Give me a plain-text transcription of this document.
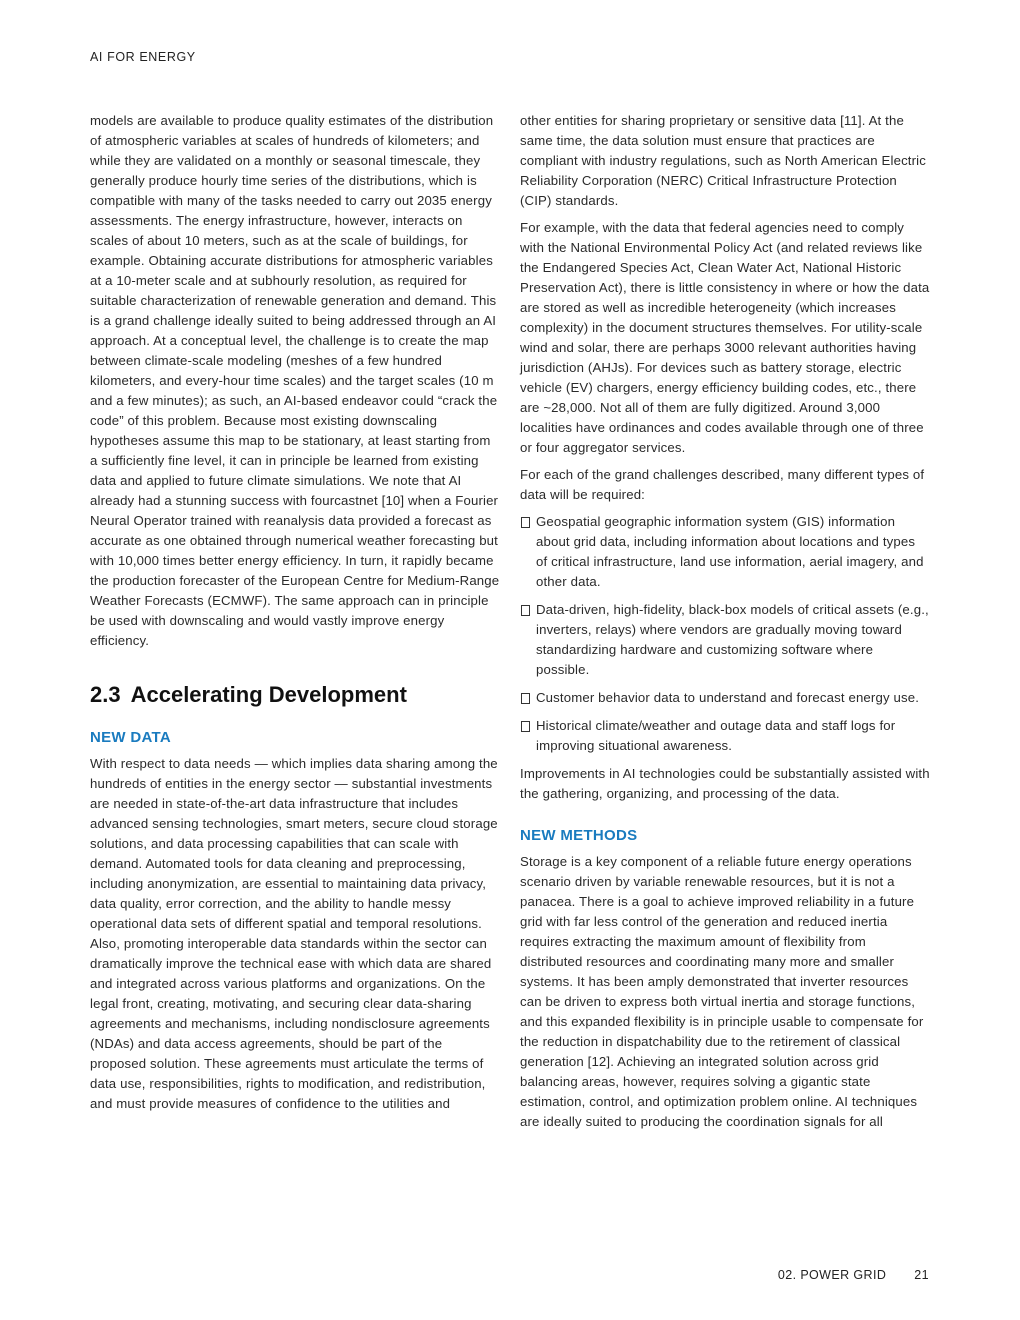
AI FOR ENERGY

models are available to produce quality estimates of the distribution of atmospheric variables at scales of hundreds of kilometers; and while they are validated on a monthly or seasonal timescale, they generally produce hourly time series of the distributions, which is compatible with many of the tasks needed to carry out 2035 energy assessments. The energy infrastructure, however, interacts on scales of about 10 meters, such as at the scale of buildings, for example. Obtaining accurate distributions for atmospheric variables at a 10-meter scale and at subhourly resolution, as required for suitable characterization of renewable generation and demand. This is a grand challenge ideally suited to being addressed through an AI approach. At a conceptual level, the challenge is to create the map between climate-scale modeling (meshes of a few hundred kilometers, and every-hour time scales) and the target scales (10 m and a few minutes); as such, an AI-based endeavor could “crack the code” of this problem. Because most existing downscaling hypotheses assume this map to be stationary, at least starting from a sufficiently fine level, it can in principle be learned from existing data and applied to future climate simulations. We note that AI already had a stunning success with fourcastnet [10] when a Fourier Neural Operator trained with reanalysis data provided a forecast as accurate as one obtained through numerical weather forecasting but with 10,000 times better energy efficiency. In turn, it rapidly became the production forecaster of the European Centre for Medium-Range Weather Forecasts (ECMWF). The same approach can in principle be used with downscaling and would vastly improve energy efficiency.

2.3 Accelerating Development
NEW DATA

With respect to data needs — which implies data sharing among the hundreds of entities in the energy sector — substantial investments are needed in state-of-the-art data infrastructure that includes advanced sensing technologies, smart meters, secure cloud storage solutions, and data processing capabilities that can scale with demand. Automated tools for data cleaning and preprocessing, including anonymization, are essential to maintaining data privacy, data quality, error correction, and the ability to handle messy operational data sets of different spatial and temporal resolutions. Also, promoting interoperable data standards within the sector can dramatically improve the technical ease with which data are shared and integrated across various platforms and organizations. On the legal front, creating, motivating, and securing clear data-sharing agreements and mechanisms, including nondisclosure agreements (NDAs) and data access agreements, should be part of the proposed solution. These agreements must articulate the terms of data use, responsibilities, rights to modification, and redistribution, and must provide measures of confidence to the utilities and

other entities for sharing proprietary or sensitive data [11]. At the same time, the data solution must ensure that practices are compliant with industry regulations, such as North American Electric Reliability Corporation (NERC) Critical Infrastructure Protection (CIP) standards.

For example, with the data that federal agencies need to comply with the National Environmental Policy Act (and related reviews like the Endangered Species Act, Clean Water Act, National Historic Preservation Act), there is little consistency in where or how the data are stored as well as incredible heterogeneity (which increases complexity) in the document structures themselves. For utility-scale wind and solar, there are perhaps 3000 relevant authorities having jurisdiction (AHJs). For devices such as battery storage, electric vehicle (EV) chargers, energy efficiency building codes, etc., there are ~28,000. Not all of them are fully digitized. Around 3,000 localities have ordinances and codes available through one of three or four aggregator services.

For each of the grand challenges described, many different types of data will be required:

Geospatial geographic information system (GIS) information about grid data, including information about locations and types of critical infrastructure, land use information, aerial imagery, and other data.
Data-driven, high-fidelity, black-box models of critical assets (e.g., inverters, relays) where vendors are gradually moving toward standardizing hardware and customizing software where possible.
Customer behavior data to understand and forecast energy use.
Historical climate/weather and outage data and staff logs for improving situational awareness.

Improvements in AI technologies could be substantially assisted with the gathering, organizing, and processing of the data.

NEW METHODS

Storage is a key component of a reliable future energy operations scenario driven by variable renewable resources, but it is not a panacea. There is a goal to achieve improved reliability in a future grid with far less control of the generation and reduced inertia requires extracting the maximum amount of flexibility from distributed resources and coordinating many more and smaller systems. It has been amply demonstrated that inverter resources can be driven to express both virtual inertia and storage functions, and this expanded flexibility is in principle usable to compensate for the reduction in dispatchability due to the retirement of classical generation [12]. Achieving an integrated solution across grid balancing areas, however, requires solving a gigantic state estimation, control, and optimization problem online. AI techniques are ideally suited to producing the coordination signals for all

02. POWER GRID 21
